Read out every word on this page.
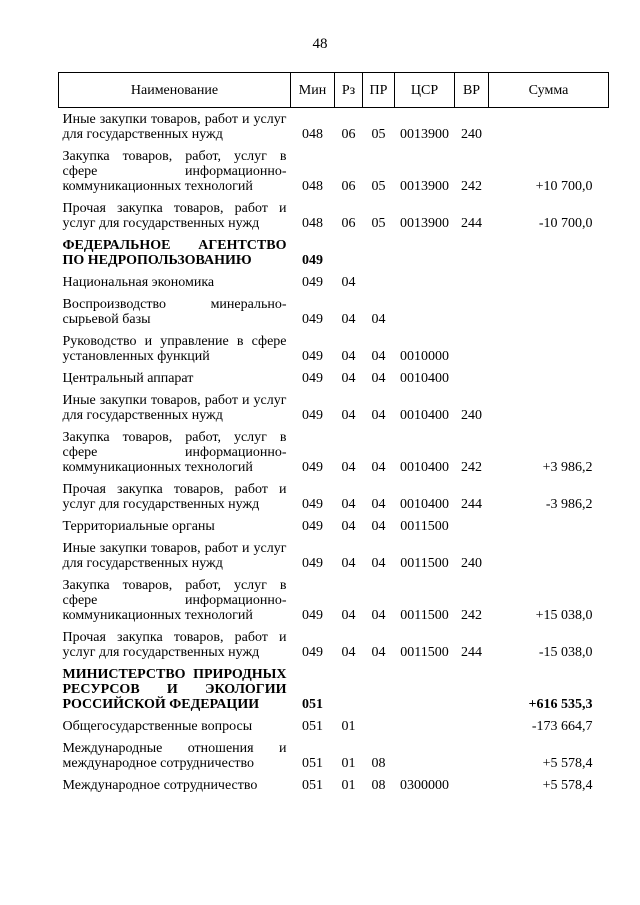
48
Наименование	Мин	Рз	ПР	ЦСР	ВР	Сумма
Иные закупки товаров, работ и услуг для государственных нужд	048	06	05	0013900	240	
Закупка товаров, работ, услуг в сфере информационно-коммуникационных технологий	048	06	05	0013900	242	+10 700,0
Прочая закупка товаров, работ и услуг для государственных нужд	048	06	05	0013900	244	-10 700,0
ФЕДЕРАЛЬНОЕ АГЕНТСТВО ПО НЕДРОПОЛЬЗОВАНИЮ	049					
Национальная экономика	049	04				
Воспроизводство минерально-сырьевой базы	049	04	04			
Руководство и управление в сфере установленных функций	049	04	04	0010000		
Центральный аппарат	049	04	04	0010400		
Иные закупки товаров, работ и услуг для государственных нужд	049	04	04	0010400	240	
Закупка товаров, работ, услуг в сфере информационно-коммуникационных технологий	049	04	04	0010400	242	+3 986,2
Прочая закупка товаров, работ и услуг для государственных нужд	049	04	04	0010400	244	-3 986,2
Территориальные органы	049	04	04	0011500		
Иные закупки товаров, работ и услуг для государственных нужд	049	04	04	0011500	240	
Закупка товаров, работ, услуг в сфере информационно-коммуникационных технологий	049	04	04	0011500	242	+15 038,0
Прочая закупка товаров, работ и услуг для государственных нужд	049	04	04	0011500	244	-15 038,0
МИНИСТЕРСТВО ПРИРОДНЫХ РЕСУРСОВ И ЭКОЛОГИИ РОССИЙСКОЙ ФЕДЕРАЦИИ	051					+616 535,3
Общегосударственные вопросы	051	01				-173 664,7
Международные отношения и международное сотрудничество	051	01	08			+5 578,4
Международное сотрудничество	051	01	08	0300000		+5 578,4
